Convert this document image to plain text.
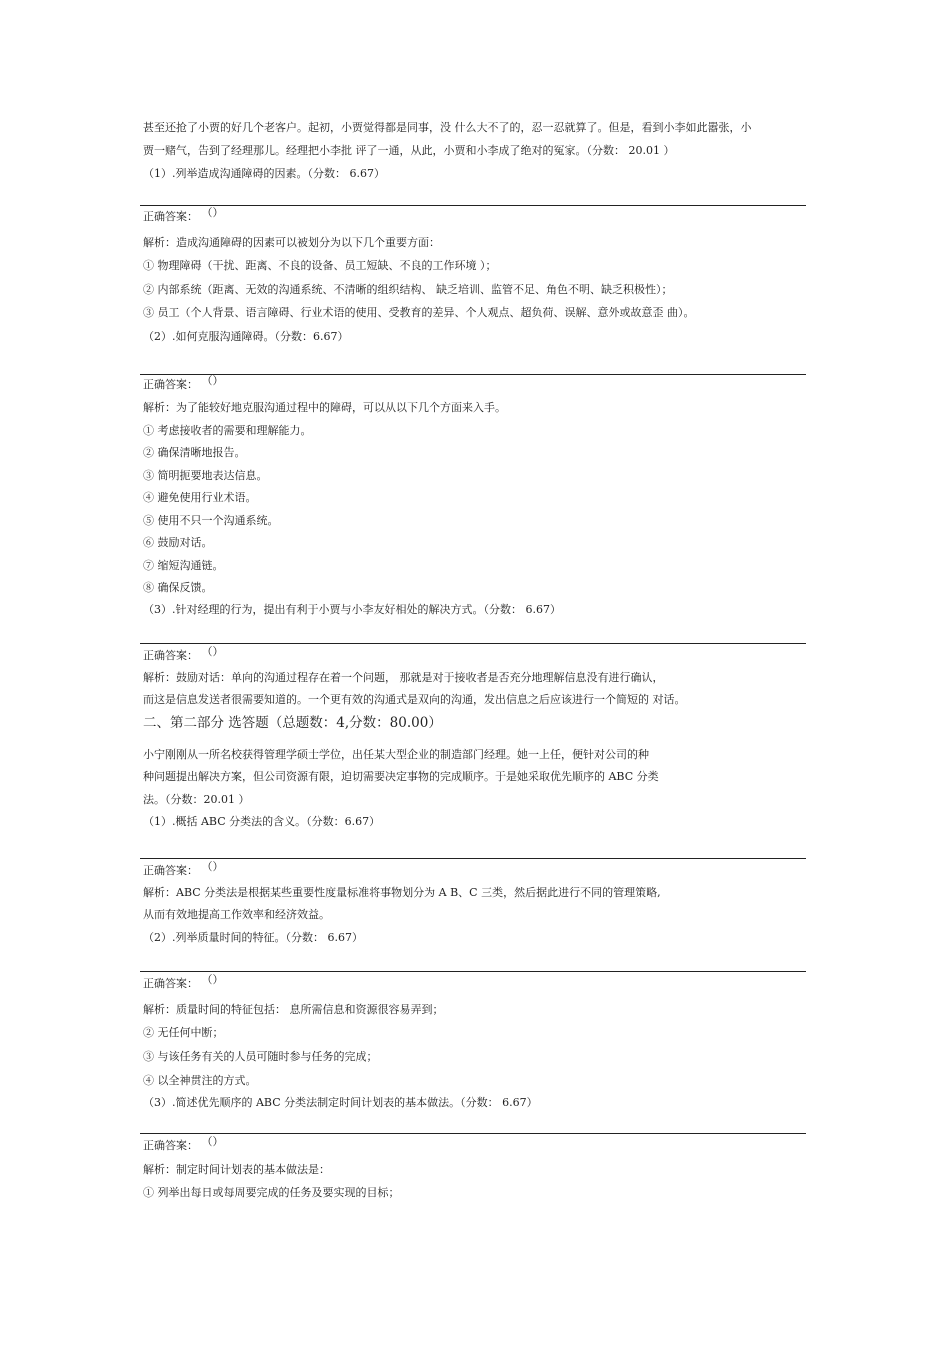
甚至还抢了小贾的好几个老客户。起初，小贾觉得都是同事，没 什么大不了的，忍一忍就算了。但是，看到小李如此嚣张，小
贾一赌气，告到了经理那儿。经理把小李批 评了一通，从此，小贾和小李成了绝对的冤家。（分数： 20.01 ）
（1）.列举造成沟通障碍的因素。（分数： 6.67）
正确答案： （）
解析：造成沟通障碍的因素可以被划分为以下几个重要方面：
① 物理障碍（干扰、距离、不良的设备、员工短缺、不良的工作环境 ）；
② 内部系统（距离、无效的沟通系统、不清晰的组织结构、 缺乏培训、监管不足、角色不明、缺乏积极性）；
③ 员工（个人背景、语言障碍、行业术语的使用、受教育的差异、个人观点、超负荷、误解、意外或故意歪 曲）。
（2）.如何克服沟通障碍。（分数：6.67）
正确答案： （）
解析：为了能较好地克服沟通过程中的障碍，可以从以下几个方面来入手。
① 考虑接收者的需要和理解能力。
② 确保清晰地报告。
③ 简明扼要地表达信息。
④ 避免使用行业术语。
⑤ 使用不只一个沟通系统。
⑥ 鼓励对话。
⑦ 缩短沟通链。
⑧ 确保反馈。
（3）.针对经理的行为，提出有利于小贾与小李友好相处的解决方式。（分数： 6.67）
正确答案： （）
解析：鼓励对话：单向的沟通过程存在着一个问题， 那就是对于接收者是否充分地理解信息没有进行确认，
而这是信息发送者很需要知道的。一个更有效的沟通式是双向的沟通，发出信息之后应该进行一个简短的 对话。
二、第二部分 选答题（总题数：4,分数：80.00）
小宁刚刚从一所名校获得管理学硕士学位，出任某大型企业的制造部门经理。她一上任，便针对公司的种
种问题提出解决方案，但公司资源有限，迫切需要决定事物的完成顺序。于是她采取优先顺序的 ABC 分类
法。（分数：20.01 ）
（1）.概括 ABC 分类法的含义。（分数：6.67）
正确答案： （）
解析：ABC 分类法是根据某些重要性度量标准将事物划分为 A B、C 三类，然后据此进行不同的管理策略,
从而有效地提高工作效率和经济效益。
（2）.列举质量时间的特征。（分数： 6.67）
正确答案： （）
解析：质量时间的特征包括： 息所需信息和资源很容易弄到；
② 无任何中断；
③ 与该任务有关的人员可随时参与任务的完成；
④ 以全神贯注的方式。
（3）.简述优先顺序的 ABC 分类法制定时间计划表的基本做法。（分数： 6.67）
正确答案： （）
解析：制定时间计划表的基本做法是：
① 列举出每日或每周要完成的任务及要实现的目标；
